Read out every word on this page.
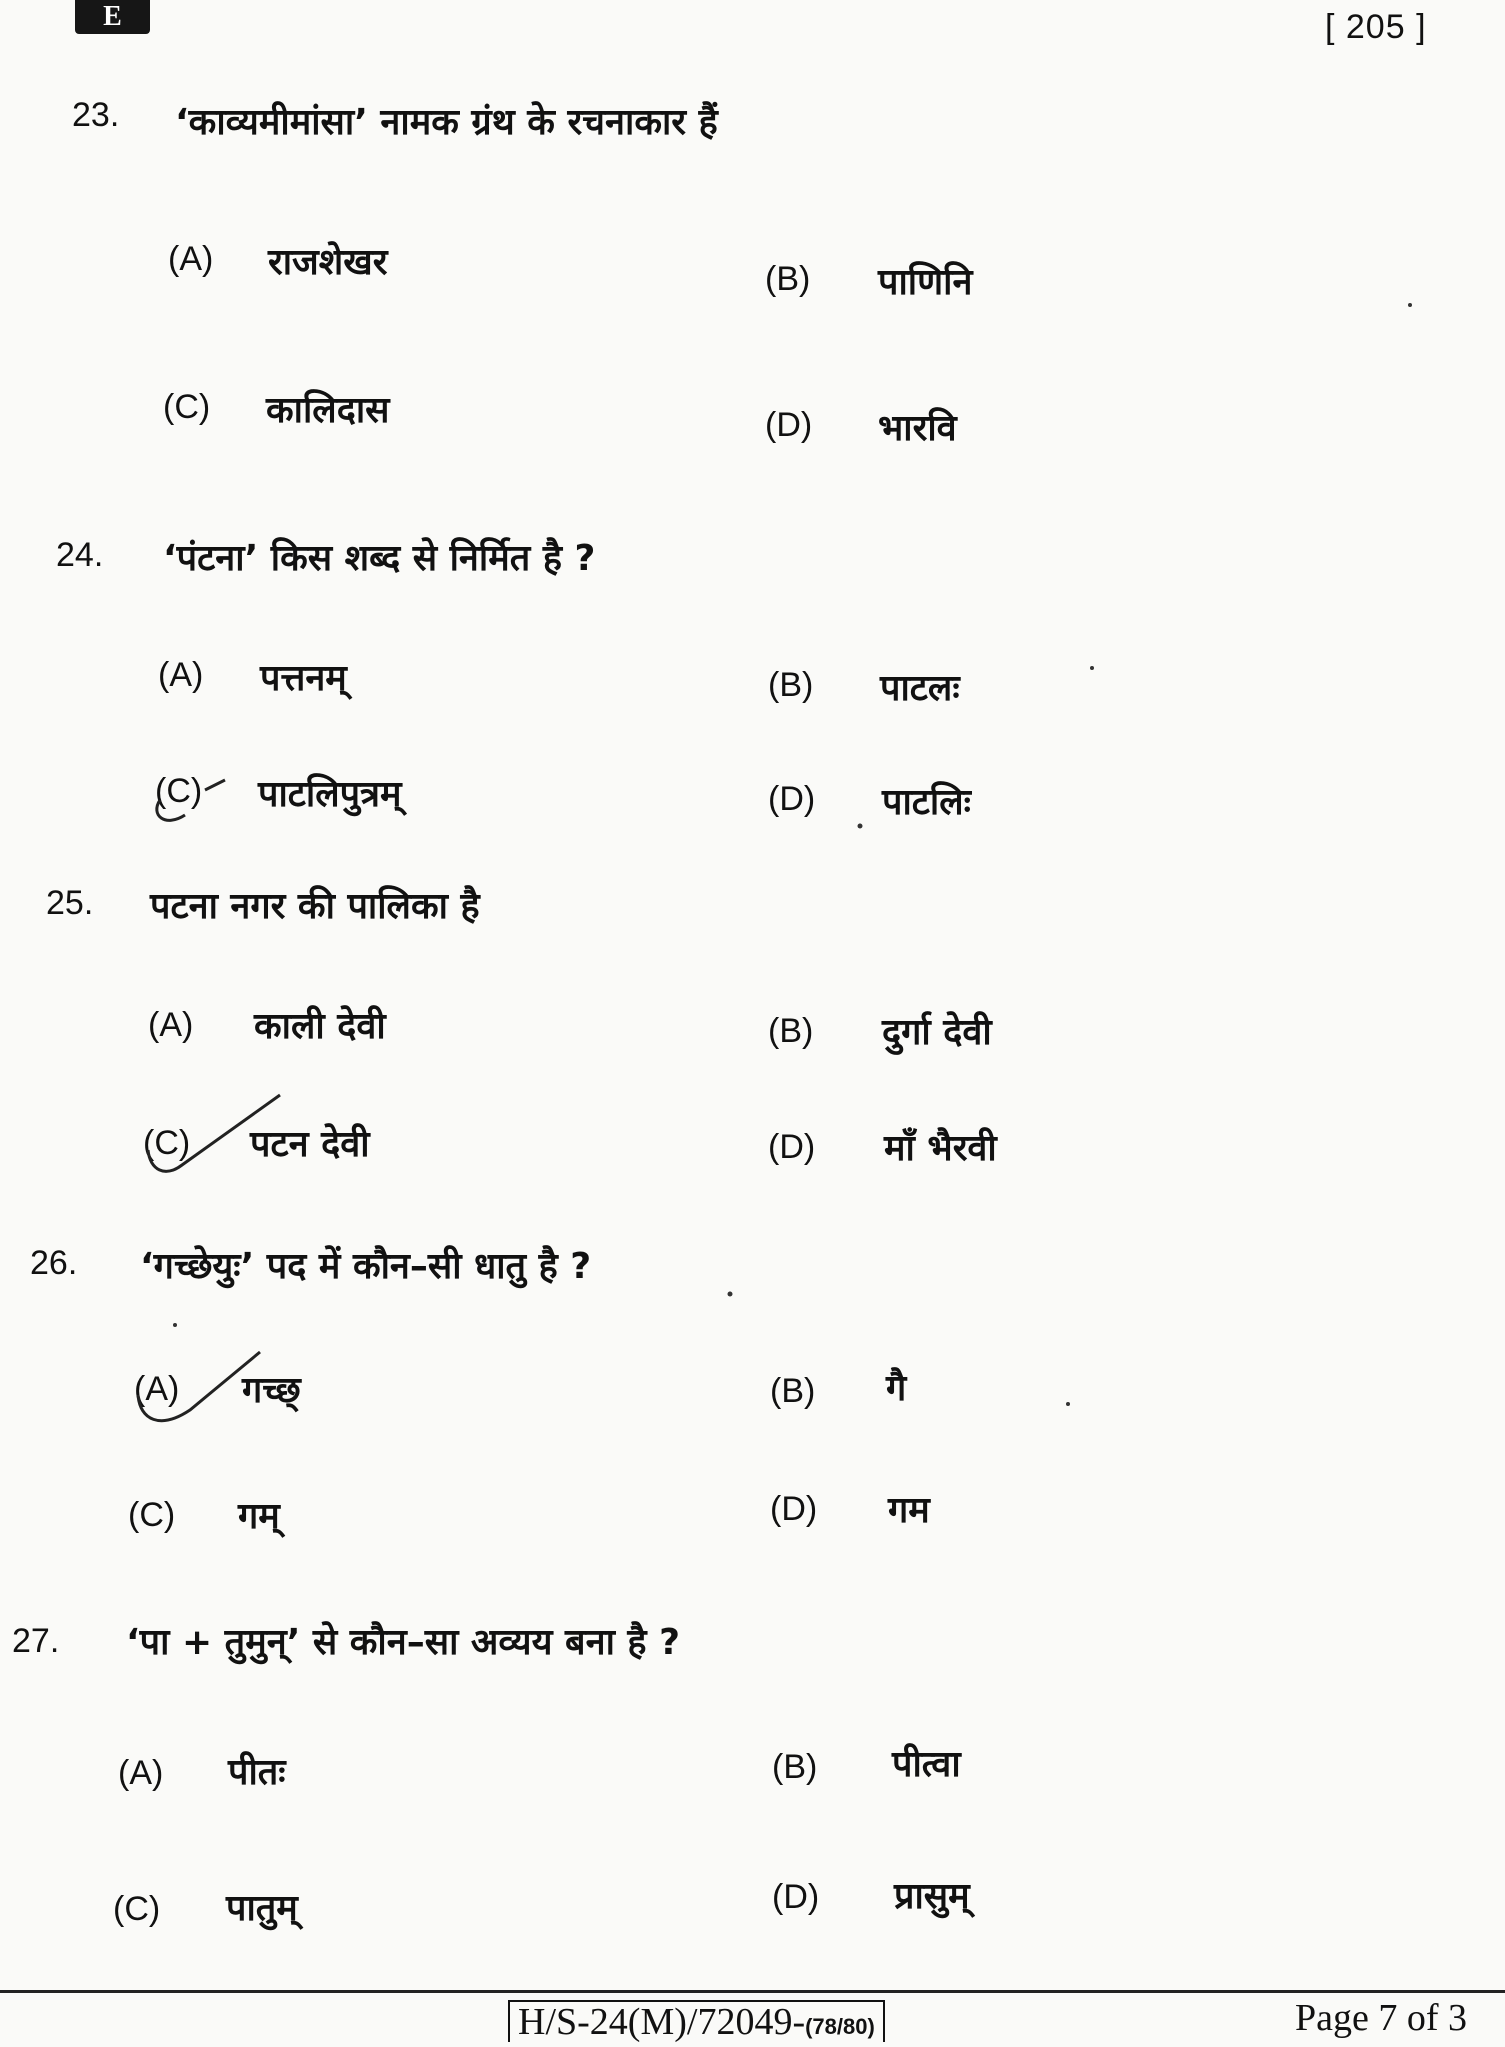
E	[ 205 ]
23. ‘काव्यमीमांसा’ नामक ग्रंथ के रचनाकार हैं
(A) राजशेखर	(B) पाणिनि
(C) कालिदास	(D) भारवि
24. ‘पंटना’ किस शब्द से निर्मित है ?
(A) पत्तनम्	(B) पाटलः
(C) पाटलिपुत्रम्	(D) पाटलिः
25. पटना नगर की पालिका है
(A) काली देवी	(B) दुर्गा देवी
(C) पटन देवी	(D) माँ भैरवी
26. ‘गच्छेयुः’ पद में कौन–सी धातु है ?
(A) गच्छ्	(B) गै
(C) गम्	(D) गम
27. ‘पा + तुमुन्’ से कौन–सा अव्यय बना है ?
(A) पीतः	(B) पीत्वा
(C) पातुम्	(D) प्रासुम्
H/S-24(M)/72049-(78/80)	Page 7 of 3
